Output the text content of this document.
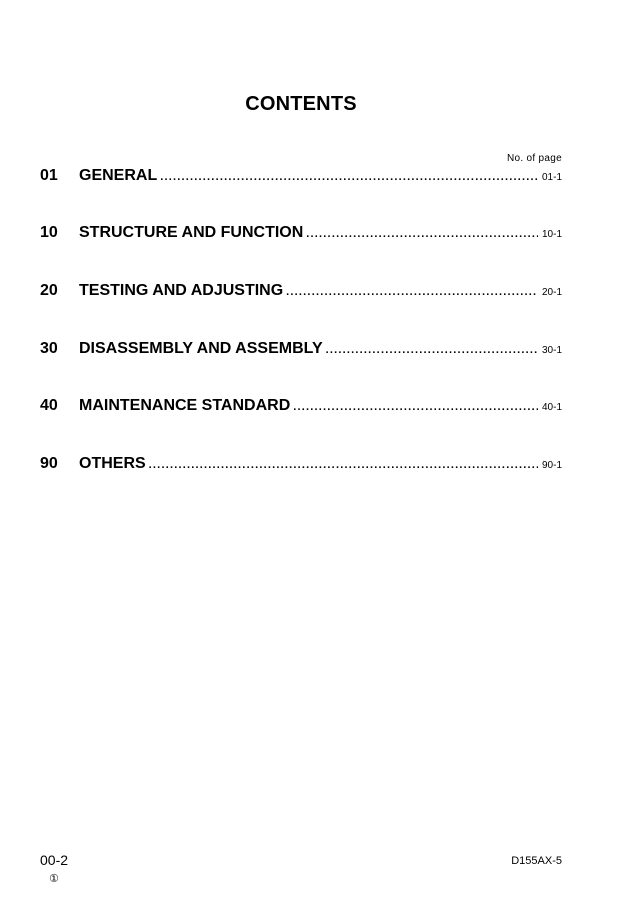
CONTENTS
No. of page
01	GENERAL .....	01-1
10	STRUCTURE AND FUNCTION .....	10-1
20	TESTING AND ADJUSTING .....	20-1
30	DISASSEMBLY AND ASSEMBLY .....	30-1
40	MAINTENANCE STANDARD .....	40-1
90	OTHERS .....	90-1
00-2
①
D155AX-5
